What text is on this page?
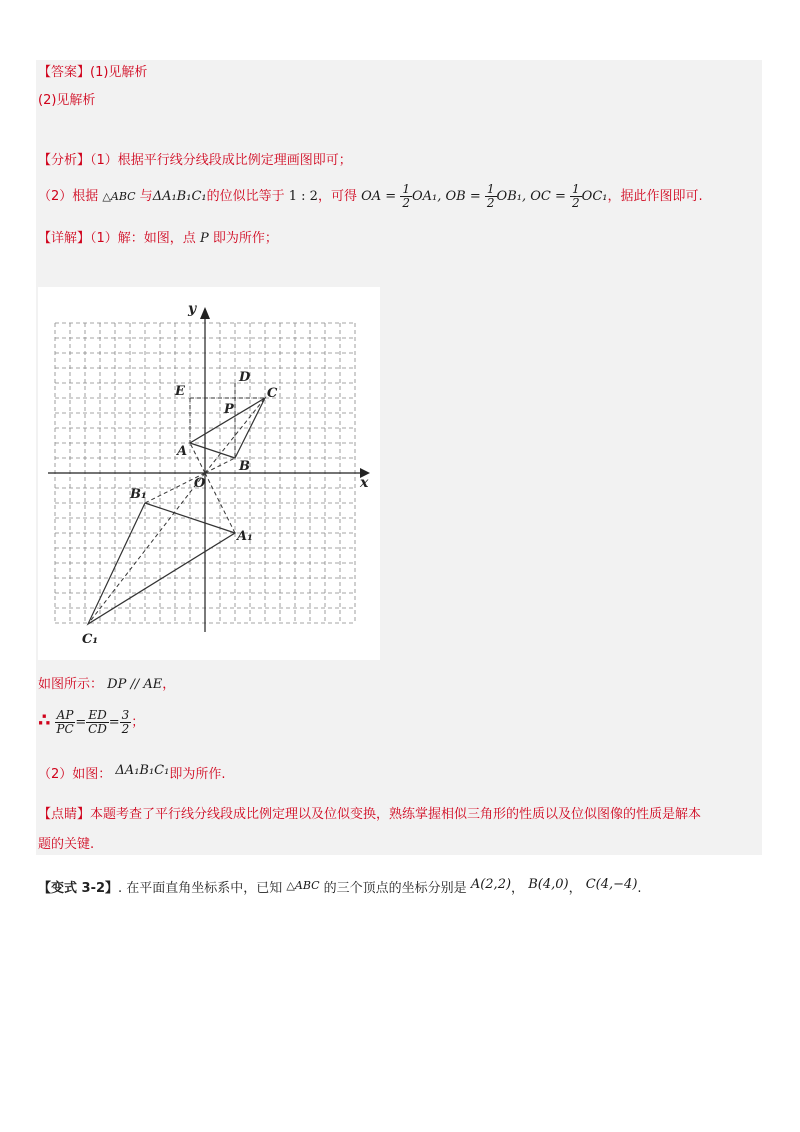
【答案】(1)见解析
(2)见解析
【分析】（1）根据平行线分线段成比例定理画图即可；
（2）根据 △ABC 与ΔA₁B₁C₁的位似比等于 1 : 2，可得 OA = $\frac{1}{2} OA_1$, OB = $\frac{1}{2} OB_1$, OC = $\frac{1}{2} OC_1$，据此作图即可.
【详解】（1）解：如图，点 P 即为所作；
x
y
O
A
B
C
D
E
P
A₁
B₁
C₁
如图所示： DP // AE，
∴ $\frac{AP}{PC} = \frac{ED}{CD} = \frac{3}{2}$ ；
（2）如图： ΔA₁B₁C₁即为所作.
【点睛】本题考查了平行线分线段成比例定理以及位似变换，熟练掌握相似三角形的性质以及位似图像的性质是解本
题的关键.
【变式 3-2】. 在平面直角坐标系中，已知 $^{\triangle ABC}$ 的三个顶点的坐标分别是 A(2,2)， B(4,0)， C(4,−4).
